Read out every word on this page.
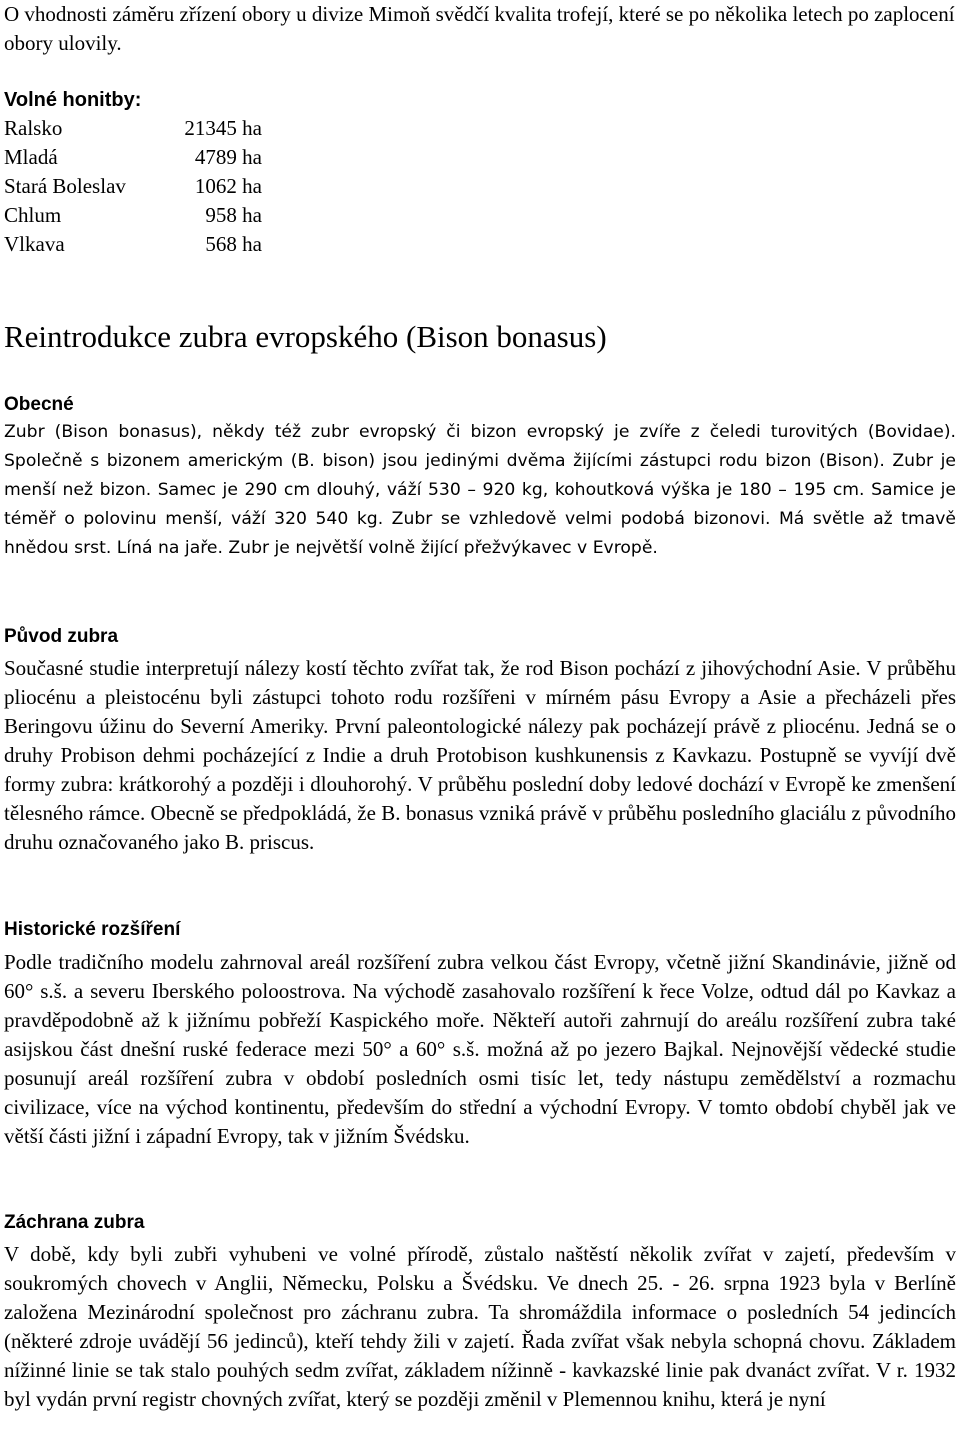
O vhodnosti záměru zřízení obory u divize Mimoň svědčí kvalita trofejí, které se po několika letech po zaplocení obory ulovily.

Volné honitby:
Ralsko	21345 ha
Mladá	4789 ha
Stará Boleslav	1062 ha
Chlum	958 ha
Vlkava	568 ha
Reintrodukce zubra evropského (Bison bonasus)
Obecné

Zubr (Bison bonasus), někdy též zubr evropský či bizon evropský je zvíře z čeledi turovitých (Bovidae). Společně s bizonem americkým (B. bison) jsou jedinými dvěma žijícími zástupci rodu bizon (Bison). Zubr je menší než bizon. Samec je 290 cm dlouhý, váží 530 – 920 kg, kohoutková výška je 180 – 195 cm. Samice je téměř o polovinu menší, váží 320 540 kg. Zubr se vzhledově velmi podobá bizonovi. Má světle až tmavě hnědou srst. Líná na jaře. Zubr je největší volně žijící přežvýkavec v Evropě.

Původ zubra

Současné studie interpretují nálezy kostí těchto zvířat tak, že rod Bison pochází z jihovýchodní Asie. V průběhu pliocénu a pleistocénu byli zástupci tohoto rodu rozšířeni v mírném pásu Evropy a Asie a přecházeli přes Beringovu úžinu do Severní Ameriky. První paleontologické nálezy pak pocházejí právě z pliocénu. Jedná se o druhy Probison dehmi pocházející z Indie a druh Protobison kushkunensis z Kavkazu. Postupně se vyvíjí dvě formy zubra: krátkorohý a později i dlouhorohý. V průběhu poslední doby ledové dochází v Evropě ke zmenšení tělesného rámce. Obecně se předpokládá, že B. bonasus vzniká právě v průběhu posledního glaciálu z původního druhu označovaného jako B. priscus.

Historické rozšíření

Podle tradičního modelu zahrnoval areál rozšíření zubra velkou část Evropy, včetně jižní Skandinávie, jižně od 60° s.š. a severu Iberského poloostrova. Na východě zasahovalo rozšíření k řece Volze, odtud dál po Kavkaz a pravděpodobně až k jižnímu pobřeží Kaspického moře. Někteří autoři zahrnují do areálu rozšíření zubra také asijskou část dnešní ruské federace mezi 50° a 60° s.š. možná až po jezero Bajkal. Nejnovější vědecké studie posunují areál rozšíření zubra v období posledních osmi tisíc let, tedy nástupu zemědělství a rozmachu civilizace, více na východ kontinentu, především do střední a východní Evropy. V tomto období chyběl jak ve větší části jižní i západní Evropy, tak v jižním Švédsku.

Záchrana zubra

V době, kdy byli zubři vyhubeni ve volné přírodě, zůstalo naštěstí několik zvířat v zajetí, především v soukromých chovech v Anglii, Německu, Polsku a Švédsku. Ve dnech 25. - 26. srpna 1923 byla v Berlíně založena Mezinárodní společnost pro záchranu zubra. Ta shromáždila informace o posledních 54 jedincích (některé zdroje uvádějí 56 jedinců), kteří tehdy žili v zajetí. Řada zvířat však nebyla schopná chovu. Základem nížinné linie se tak stalo pouhých sedm zvířat, základem nížinně - kavkazské linie pak dvanáct zvířat. V r. 1932 byl vydán první registr chovných zvířat, který se později změnil v Plemennou knihu, která je nyní
